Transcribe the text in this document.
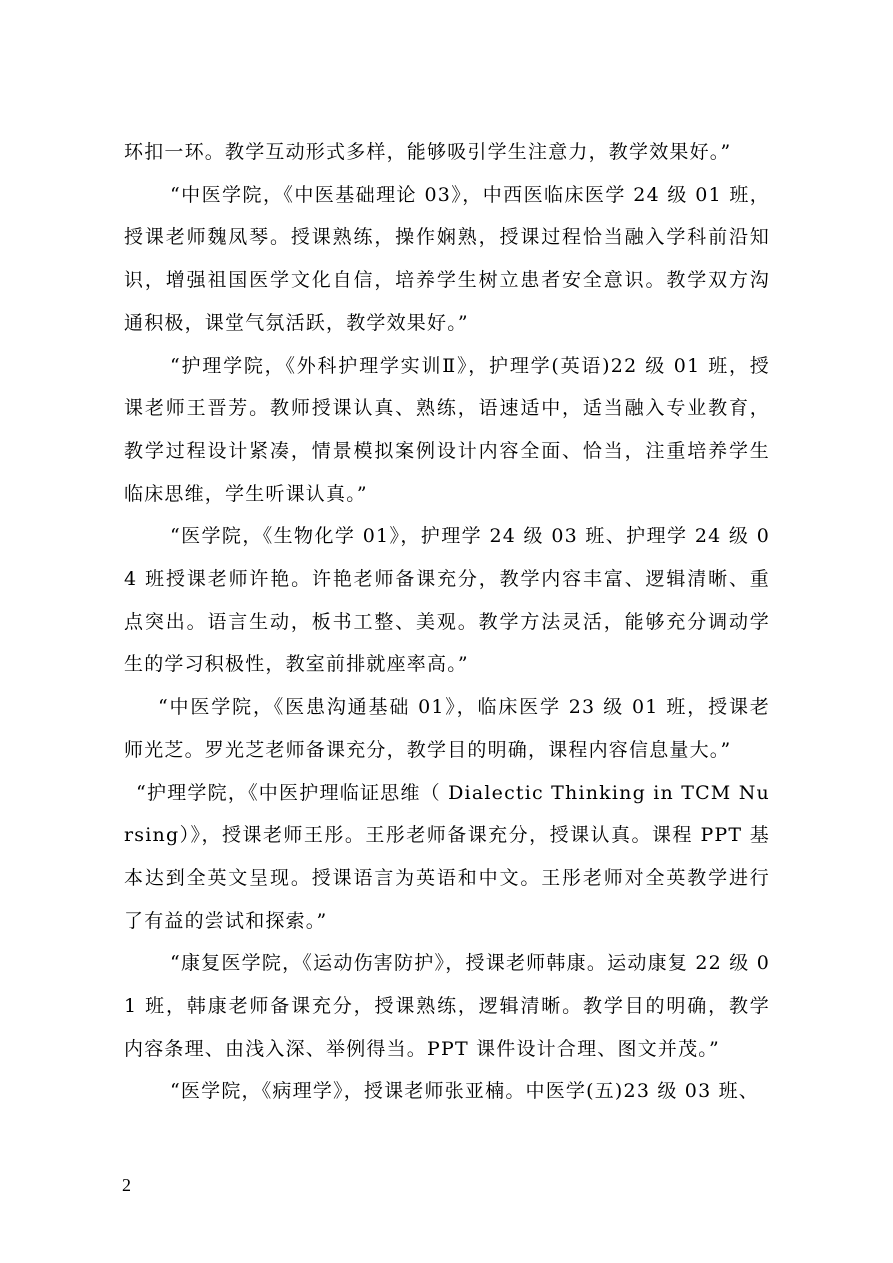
环扣一环。教学互动形式多样，能够吸引学生注意力，教学效果好。”

“中医学院，《中医基础理论 03》，中西医临床医学 24 级 01 班，授课老师魏凤琴。授课熟练，操作娴熟，授课过程恰当融入学科前沿知识，增强祖国医学文化自信，培养学生树立患者安全意识。教学双方沟通积极，课堂气氛活跃，教学效果好。”

“护理学院，《外科护理学实训Ⅱ》，护理学(英语)22 级 01 班，授课老师王晋芳。教师授课认真、熟练，语速适中，适当融入专业教育，教学过程设计紧凑，情景模拟案例设计内容全面、恰当，注重培养学生临床思维，学生听课认真。”

“医学院，《生物化学 01》，护理学 24 级 03 班、护理学 24 级 04 班授课老师许艳。许艳老师备课充分，教学内容丰富、逻辑清晰、重点突出。语言生动，板书工整、美观。教学方法灵活，能够充分调动学生的学习积极性，教室前排就座率高。”

“中医学院，《医患沟通基础 01》，临床医学 23 级 01 班，授课老师光芝。罗光芝老师备课充分，教学目的明确，课程内容信息量大。”

“护理学院，《中医护理临证思维（ Dialectic Thinking in TCM Nursing）》，授课老师王彤。王彤老师备课充分，授课认真。课程 PPT 基本达到全英文呈现。授课语言为英语和中文。王彤老师对全英教学进行了有益的尝试和探索。”

“康复医学院，《运动伤害防护》，授课老师韩康。运动康复 22 级 01 班，韩康老师备课充分，授课熟练，逻辑清晰。教学目的明确，教学内容条理、由浅入深、举例得当。PPT 课件设计合理、图文并茂。”

“医学院，《病理学》，授课老师张亚楠。中医学(五)23 级 03 班、

2
